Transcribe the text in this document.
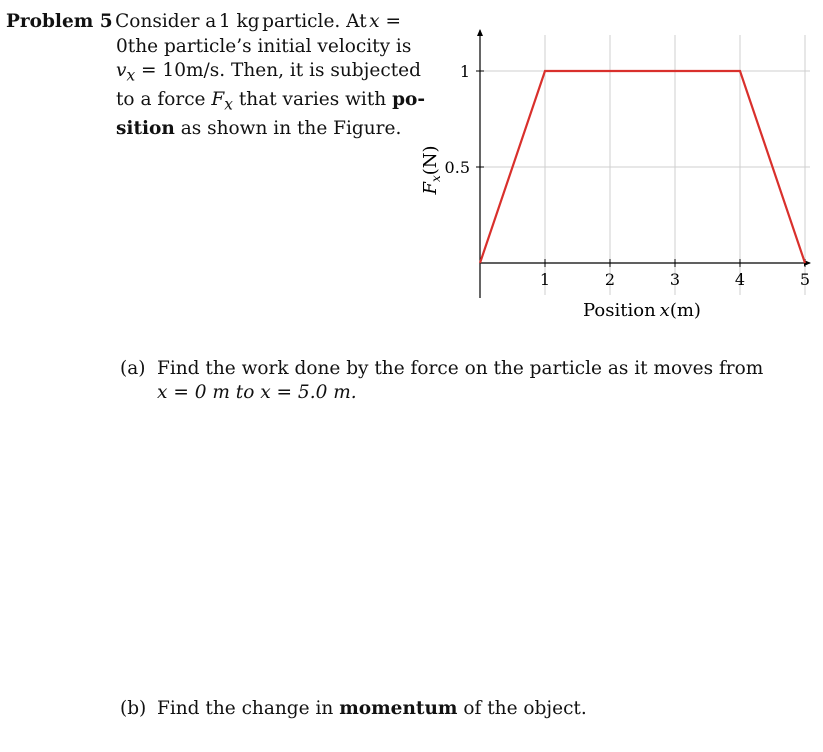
Problem 5 Consider a 1 kg particle. At x =
0 the particle’s initial velocity is
$v_x = 10m/s$. Then, it is subjected
to a force $F_x$ that varies with po-
sition as shown in the Figure.
1	2	3	4	5
0.5
1
Position x(m)
$F_x(N)$
(a) Find the work done by the force on the particle as it moves from
x = 0 m to x = 5.0 m.
(b) Find the change in momentum of the object.
